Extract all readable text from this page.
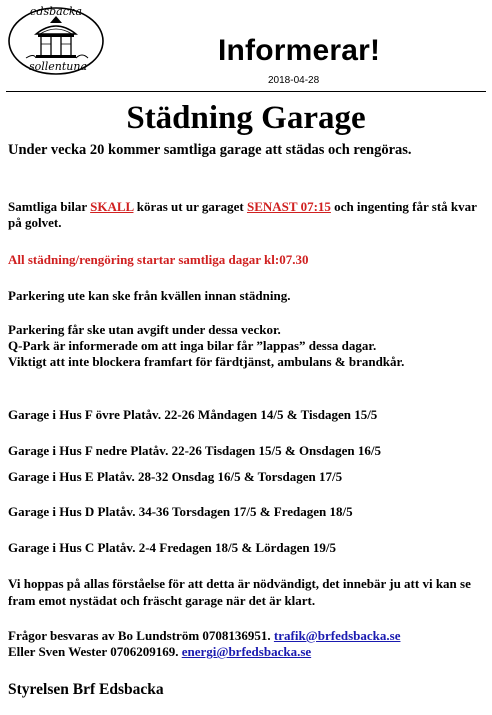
edsbacka
sollentuna	Informerar!
2018-04-28
Städning Garage
Under vecka 20 kommer samtliga garage att städas och rengöras.
Samtliga bilar SKALL köras ut ur garaget SENAST 07:15 och ingenting får stå kvar på golvet.
All städning/rengöring startar samtliga dagar kl:07.30
Parkering ute kan ske från kvällen innan städning.
Parkering får ske utan avgift under dessa veckor.
Q-Park är informerade om att inga bilar får ”lappas” dessa dagar.
Viktigt att inte blockera framfart för färdtjänst, ambulans & brandkår.
Garage i Hus F övre Platåv. 22-26 Måndagen 14/5 & Tisdagen 15/5
Garage i Hus F nedre Platåv. 22-26 Tisdagen 15/5 & Onsdagen 16/5
Garage i Hus E Platåv. 28-32 Onsdag 16/5 & Torsdagen 17/5
Garage i Hus D Platåv. 34-36 Torsdagen 17/5 & Fredagen 18/5
Garage i Hus C Platåv. 2-4 Fredagen 18/5 & Lördagen 19/5
Vi hoppas på allas förståelse för att detta är nödvändigt, det innebär ju att vi kan se fram emot nystädat och fräscht garage när det är klart.
Frågor besvaras av Bo Lundström 0708136951. trafik@brfedsbacka.se
Eller Sven Wester 0706209169. energi@brfedsbacka.se
Styrelsen Brf Edsbacka
